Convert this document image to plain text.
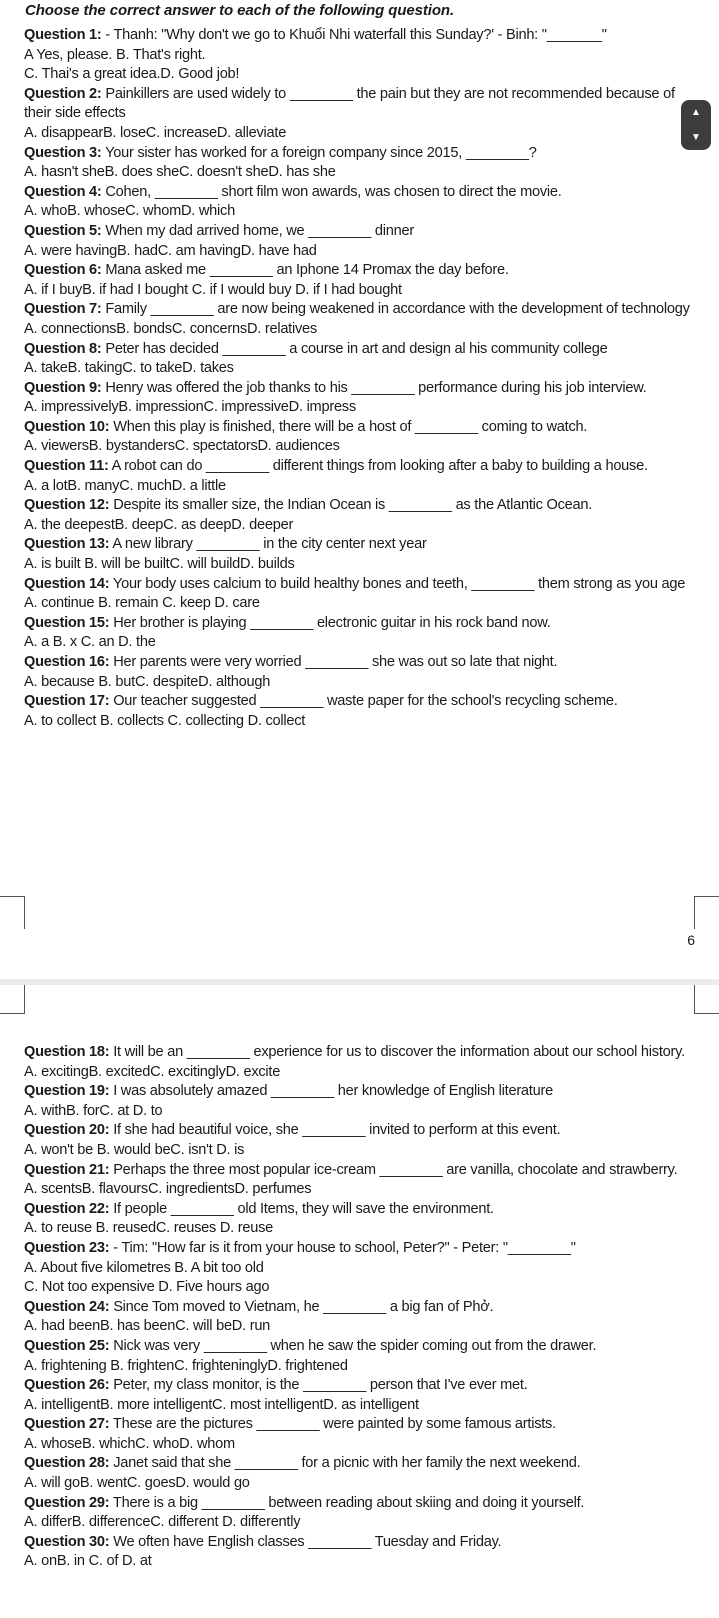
Choose the correct answer to each of the following question.

Question 1: - Thanh: "Why don't we go to Khuổi Nhi waterfall this Sunday?' - Binh: "_______"

A Yes, please. B. That's right.

C. Thai's a great idea.D. Good job!

Question 2: Painkillers are used widely to ________ the pain but they are not recommended because of their side effects

A. disappearB. loseC. increaseD. alleviate

Question 3: Your sister has worked for a foreign company since 2015, ________?

A. hasn't sheB. does sheC. doesn't sheD. has she

Question 4: Cohen, ________ short film won awards, was chosen to direct the movie.

A. whoB. whoseC. whomD. which

Question 5: When my dad arrived home, we ________ dinner

A. were havingB. hadC. am havingD. have had

Question 6: Mana asked me ________ an Iphone 14 Promax the day before.

A. if I buyB. if had I bought C. if I would buy D. if I had bought

Question 7: Family ________ are now being weakened in accordance with the development of technology

A. connectionsB. bondsC. concernsD. relatives

Question 8: Peter has decided ________ a course in art and design al his community college

A. takeB. takingC. to takeD. takes

Question 9: Henry was offered the job thanks to his ________ performance during his job interview.

A. impressivelyB. impressionC. impressiveD. impress

Question 10: When this play is finished, there will be a host of ________ coming to watch.

A. viewersB. bystandersC. spectatorsD. audiences

Question 11: A robot can do ________ different things from looking after a baby to building a house.

A. a lotB. manyC. muchD. a little

Question 12: Despite its smaller size, the Indian Ocean is ________ as the Atlantic Ocean.

A. the deepestB. deepC. as deepD. deeper

Question 13: A new library ________ in the city center next year

A. is built B. will be builtC. will buildD. builds

Question 14: Your body uses calcium to build healthy bones and teeth, ________ them strong as you age

A. continue B. remain C. keep D. care

Question 15: Her brother is playing ________ electronic guitar in his rock band now.

A. a B. x C. an D. the

Question 16: Her parents were very worried ________ she was out so late that night.

A. because B. butC. despiteD. although

Question 17: Our teacher suggested ________ waste paper for the school's recycling scheme.

A. to collect B. collects C. collecting D. collect

6
▲
▼

Question 18: It will be an ________ experience for us to discover the information about our school history.

A. excitingB. excitedC. excitinglyD. excite

Question 19: I was absolutely amazed ________ her knowledge of English literature

A. withB. forC. at D. to

Question 20: If she had beautiful voice, she ________ invited to perform at this event.

A. won't be B. would beC. isn't D. is

Question 21: Perhaps the three most popular ice-cream ________ are vanilla, chocolate and strawberry.

A. scentsB. flavoursC. ingredientsD. perfumes

Question 22: If people ________ old Items, they will save the environment.

A. to reuse B. reusedC. reuses D. reuse

Question 23: - Tim: "How far is it from your house to school, Peter?" - Peter: "________"

A. About five kilometres B. A bit too old

C. Not too expensive D. Five hours ago

Question 24: Since Tom moved to Vietnam, he ________ a big fan of Phở.

A. had beenB. has beenC. will beD. run

Question 25: Nick was very ________ when he saw the spider coming out from the drawer.

A. frightening B. frightenC. frighteninglyD. frightened

Question 26: Peter, my class monitor, is the ________ person that I've ever met.

A. intelligentB. more intelligentC. most intelligentD. as intelligent

Question 27: These are the pictures ________ were painted by some famous artists.

A. whoseB. whichC. whoD. whom

Question 28: Janet said that she ________ for a picnic with her family the next weekend.

A. will goB. wentC. goesD. would go

Question 29: There is a big ________ between reading about skiing and doing it yourself.

A. differB. differenceC. different D. differently

Question 30: We often have English classes ________ Tuesday and Friday.

A. onB. in C. of D. at
